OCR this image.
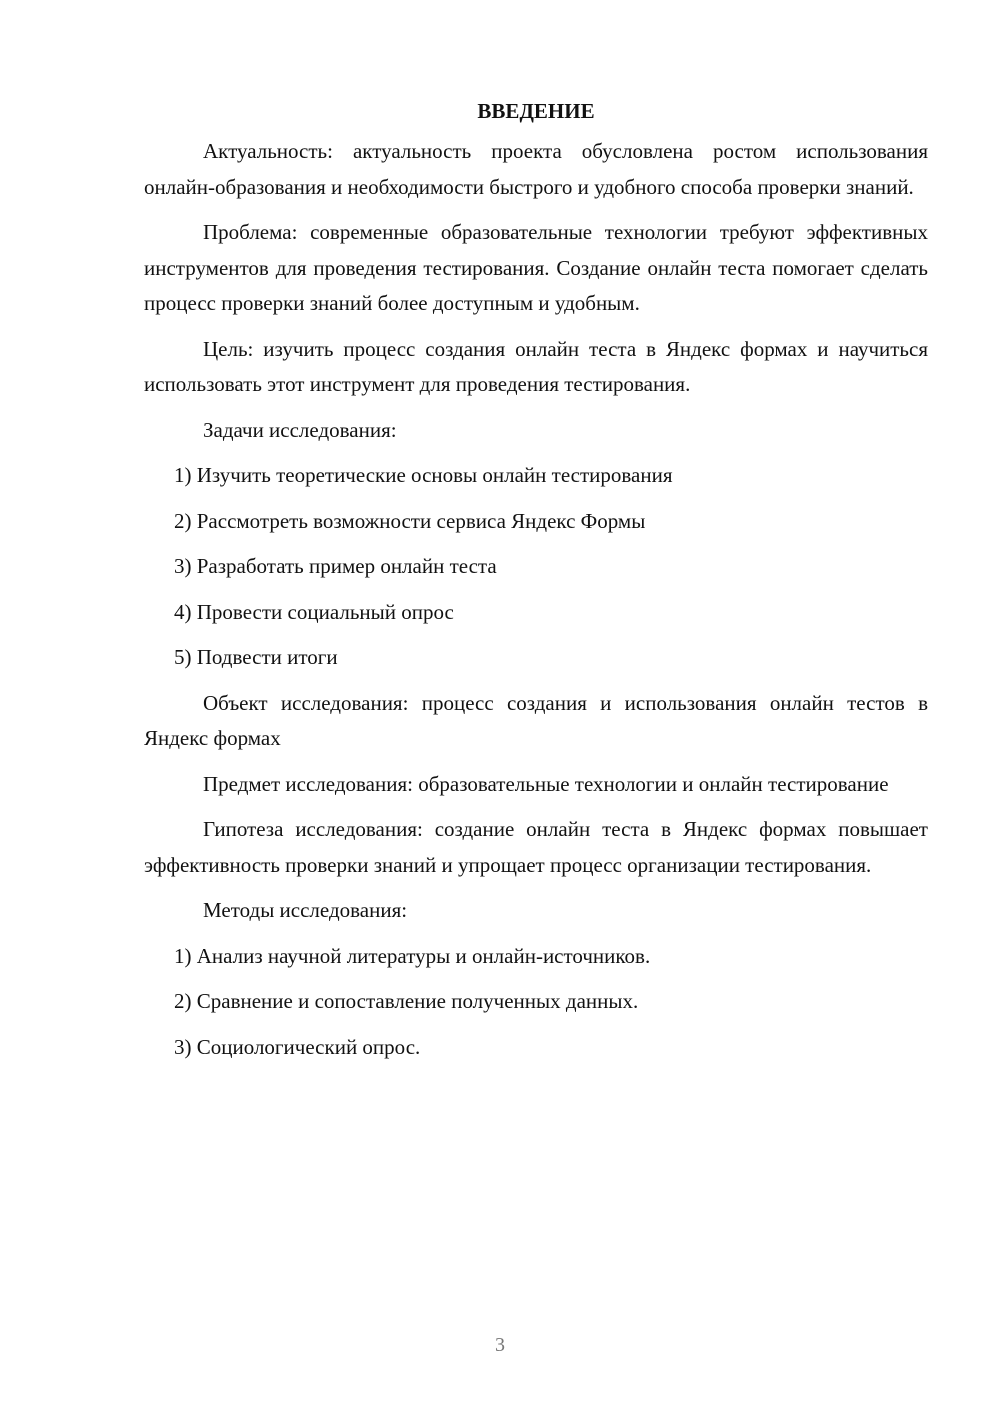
ВВЕДЕНИЕ

Актуальность: актуальность проекта обусловлена ростом использования онлайн-образования и необходимости быстрого и удобного способа проверки знаний.

Проблема: современные образовательные технологии требуют эффективных инструментов для проведения тестирования. Создание онлайн теста помогает сделать процесс проверки знаний более доступным и удобным.

Цель: изучить процесс создания онлайн теста в Яндекс формах и научиться использовать этот инструмент для проведения тестирования.

Задачи исследования:

1) Изучить теоретические основы онлайн тестирования

2) Рассмотреть возможности сервиса Яндекс Формы

3) Разработать пример онлайн теста

4) Провести социальный опрос

5) Подвести итоги

Объект исследования: процесс создания и использования онлайн тестов в Яндекс формах

Предмет исследования: образовательные технологии и онлайн тестирование

Гипотеза исследования: создание онлайн теста в Яндекс формах повышает эффективность проверки знаний и упрощает процесс организации тестирования.

Методы исследования:

1) Анализ научной литературы и онлайн-источников.

2) Сравнение и сопоставление полученных данных.

3) Социологический опрос.

3
